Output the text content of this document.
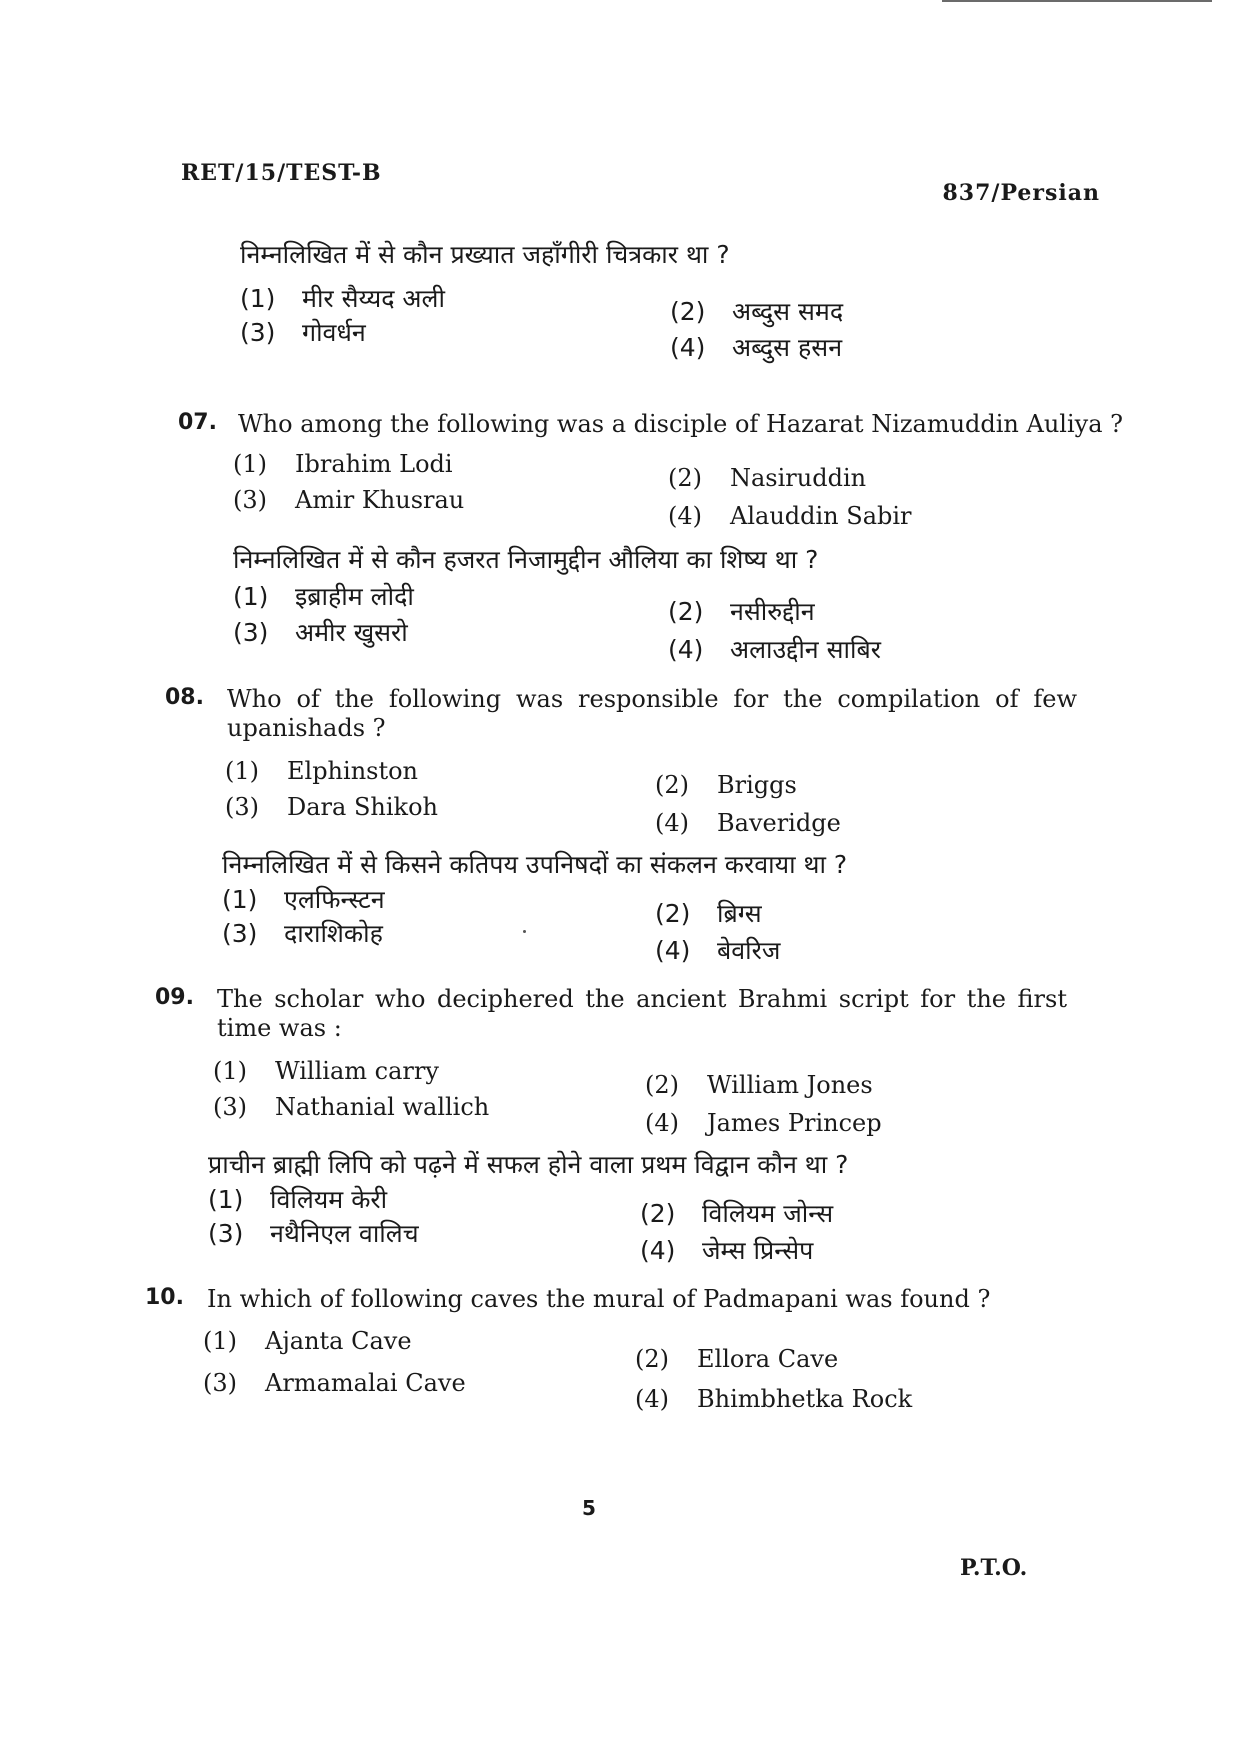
RET/15/TEST-B
837/Persian
निम्नलिखित में से कौन प्रख्यात जहाँगीरी चित्रकार था ?
(1) मीर सैय्यद अली	(2) अब्दुस समद
(3) गोवर्धन
(4) अब्दुस हसन
07. Who among the following was a disciple of Hazarat Nizamuddin Auliya ?
(1) Ibrahim Lodi	(2) Nasiruddin
(3) Amir Khusrau
(4) Alauddin Sabir
निम्नलिखित में से कौन हजरत निजामुद्दीन औलिया का शिष्य था ?
(1) इब्राहीम लोदी
(2) नसीरुद्दीन
(3) अमीर खुसरो
(4) अलाउद्दीन साबिर
08. Who of the following was responsible for the compilation of few upanishads ?
(1) Elphinston	(2) Briggs
(3) Dara Shikoh
(4) Baveridge
निम्नलिखित में से किसने कतिपय उपनिषदों का संकलन करवाया था ?
(1) एलफिन्स्टन	(2) ब्रिग्स
(3) दाराशिकोह
(4) बेवरिज
09. The scholar who deciphered the ancient Brahmi script for the first time was :
(1) William carry	(2) William Jones
(3) Nathanial wallich
(4) James Princep
प्राचीन ब्राह्मी लिपि को पढ़ने में सफल होने वाला प्रथम विद्वान कौन था ?
(1) विलियम केरी	(2) विलियम जोन्स
(3) नथैनिएल वालिच
(4) जेम्स प्रिन्सेप
10. In which of following caves the mural of Padmapani was found ?
(1) Ajanta Cave
(2) Ellora Cave
(3) Armamalai Cave
(4) Bhimbhetka Rock
5
P.T.O.
